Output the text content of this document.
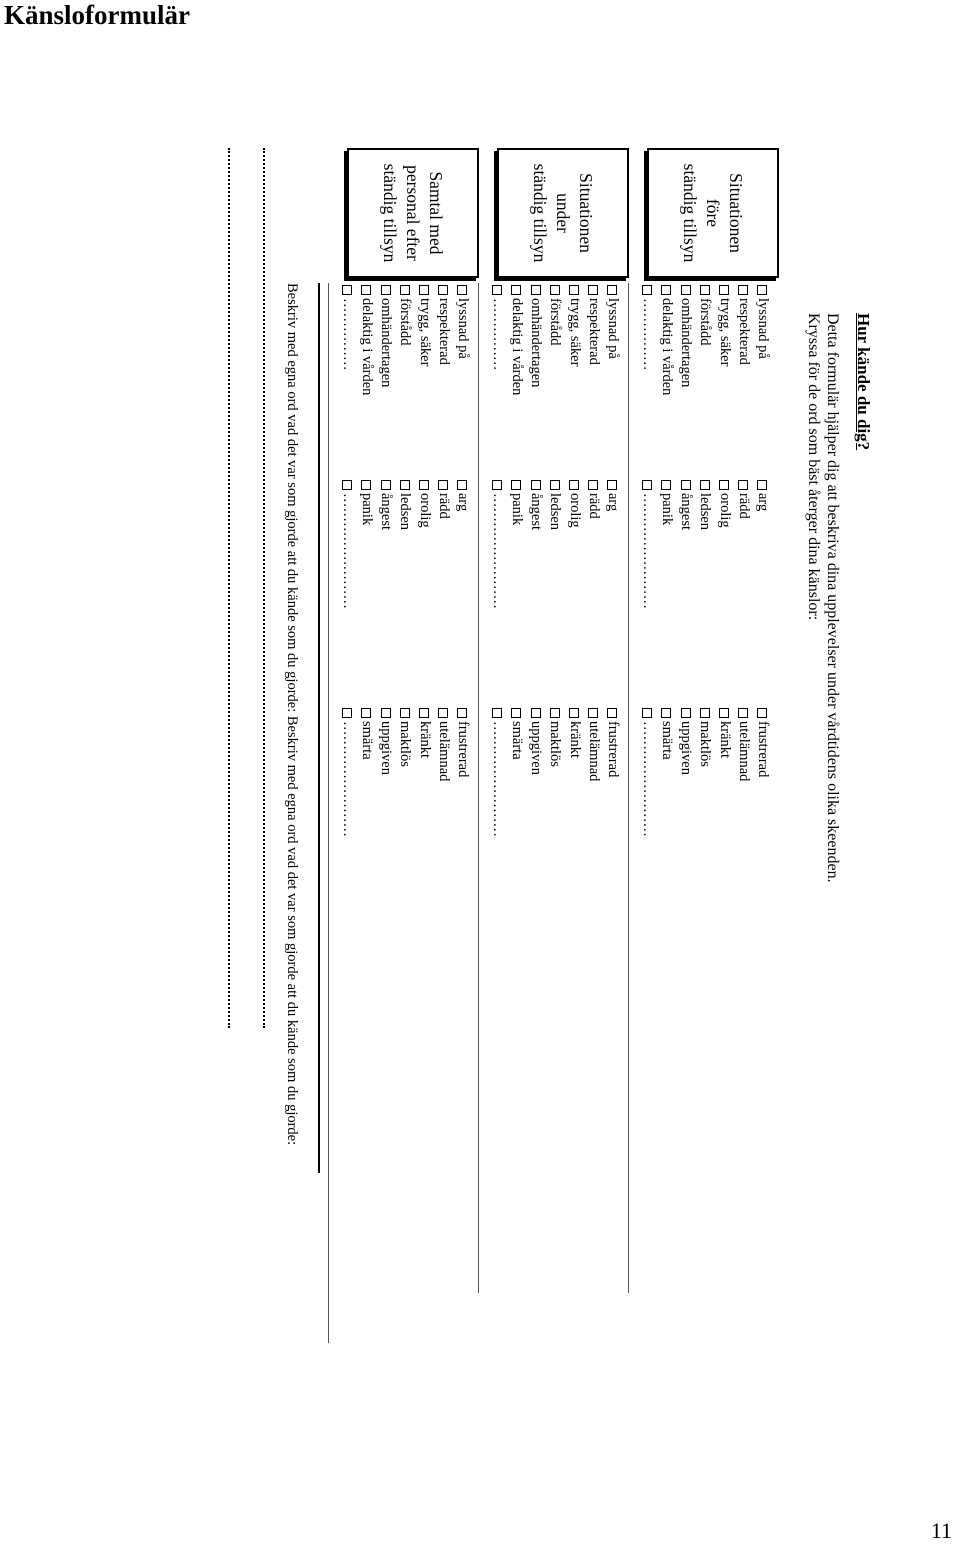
Känsloformulär
Hur kände du dig?
Detta formulär hjälper dig att beskriva dina upplevelser under vårdtidens olika skeenden.
Kryssa för de ord som bäst återger dina känslor:
Situationen
före
ständig tillsyn
lyssnad på
respekterad
trygg, säker
förstådd
omhändertagen
delaktig i vården
……………
arg
rädd
orolig
ledsen
ångest
panik
……………………
frustrerad
utelämnad
kränkt
maktlös
uppgiven
smärta
……………………
Situationen
under
ständig tillsyn
lyssnad på
respekterad
trygg, säker
förstådd
omhändertagen
delaktig i vården
……………
arg
rädd
orolig
ledsen
ångest
panik
……………………
frustrerad
utelämnad
kränkt
maktlös
uppgiven
smärta
……………………
Samtal med
personal efter
ständig tillsyn
lyssnad på
respekterad
trygg, säker
förstådd
omhändertagen
delaktig i vården
……………
arg
rädd
orolig
ledsen
ångest
panik
……………………
frustrerad
utelämnad
kränkt
maktlös
uppgiven
smärta
……………………
Beskriv med egna ord vad det var som gjorde att du kände som du gjorde: Beskriv med egna ord vad det var som gjorde att du kände som du gjorde:
11
